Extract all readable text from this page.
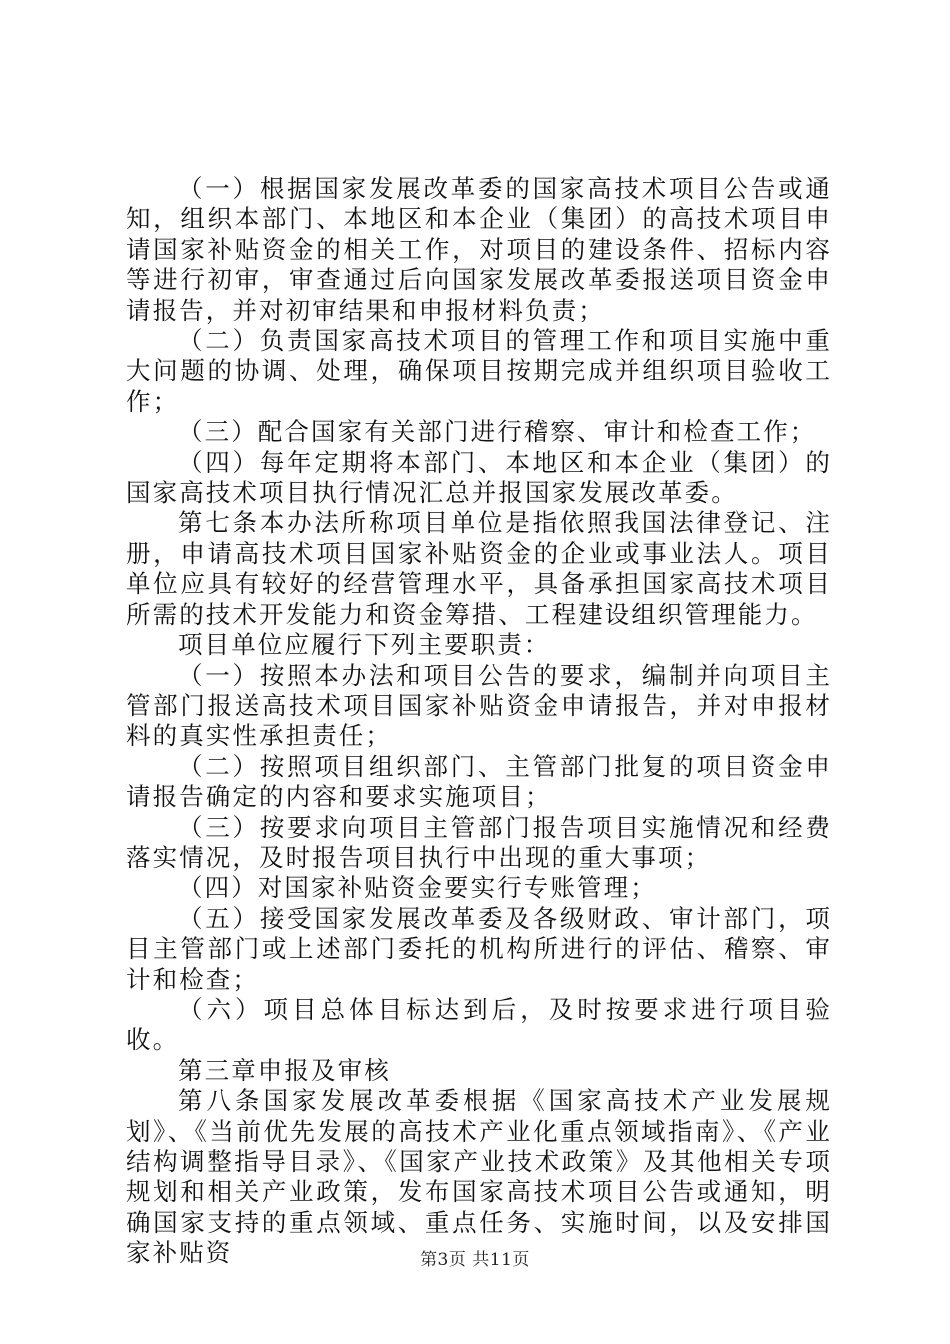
（一）根据国家发展改革委的国家高技术项目公告或通知，组织本部门、本地区和本企业（集团）的高技术项目申请国家补贴资金的相关工作，对项目的建设条件、招标内容等进行初审，审查通过后向国家发展改革委报送项目资金申请报告，并对初审结果和申报材料负责；

（二）负责国家高技术项目的管理工作和项目实施中重大问题的协调、处理，确保项目按期完成并组织项目验收工作；

（三）配合国家有关部门进行稽察、审计和检查工作；

（四）每年定期将本部门、本地区和本企业（集团）的国家高技术项目执行情况汇总并报国家发展改革委。

第七条本办法所称项目单位是指依照我国法律登记、注册，申请高技术项目国家补贴资金的企业或事业法人。项目单位应具有较好的经营管理水平，具备承担国家高技术项目所需的技术开发能力和资金筹措、工程建设组织管理能力。

项目单位应履行下列主要职责：

（一）按照本办法和项目公告的要求，编制并向项目主管部门报送高技术项目国家补贴资金申请报告，并对申报材料的真实性承担责任；

（二）按照项目组织部门、主管部门批复的项目资金申请报告确定的内容和要求实施项目；

（三）按要求向项目主管部门报告项目实施情况和经费落实情况，及时报告项目执行中出现的重大事项；

（四）对国家补贴资金要实行专账管理；

（五）接受国家发展改革委及各级财政、审计部门，项目主管部门或上述部门委托的机构所进行的评估、稽察、审计和检查；

（六）项目总体目标达到后，及时按要求进行项目验收。

第三章申报及审核

第八条国家发展改革委根据《国家高技术产业发展规划》、《当前优先发展的高技术产业化重点领域指南》、《产业结构调整指导目录》、《国家产业技术政策》及其他相关专项规划和相关产业政策，发布国家高技术项目公告或通知，明确国家支持的重点领域、重点任务、实施时间，以及安排国家补贴资	第3页 共11页
